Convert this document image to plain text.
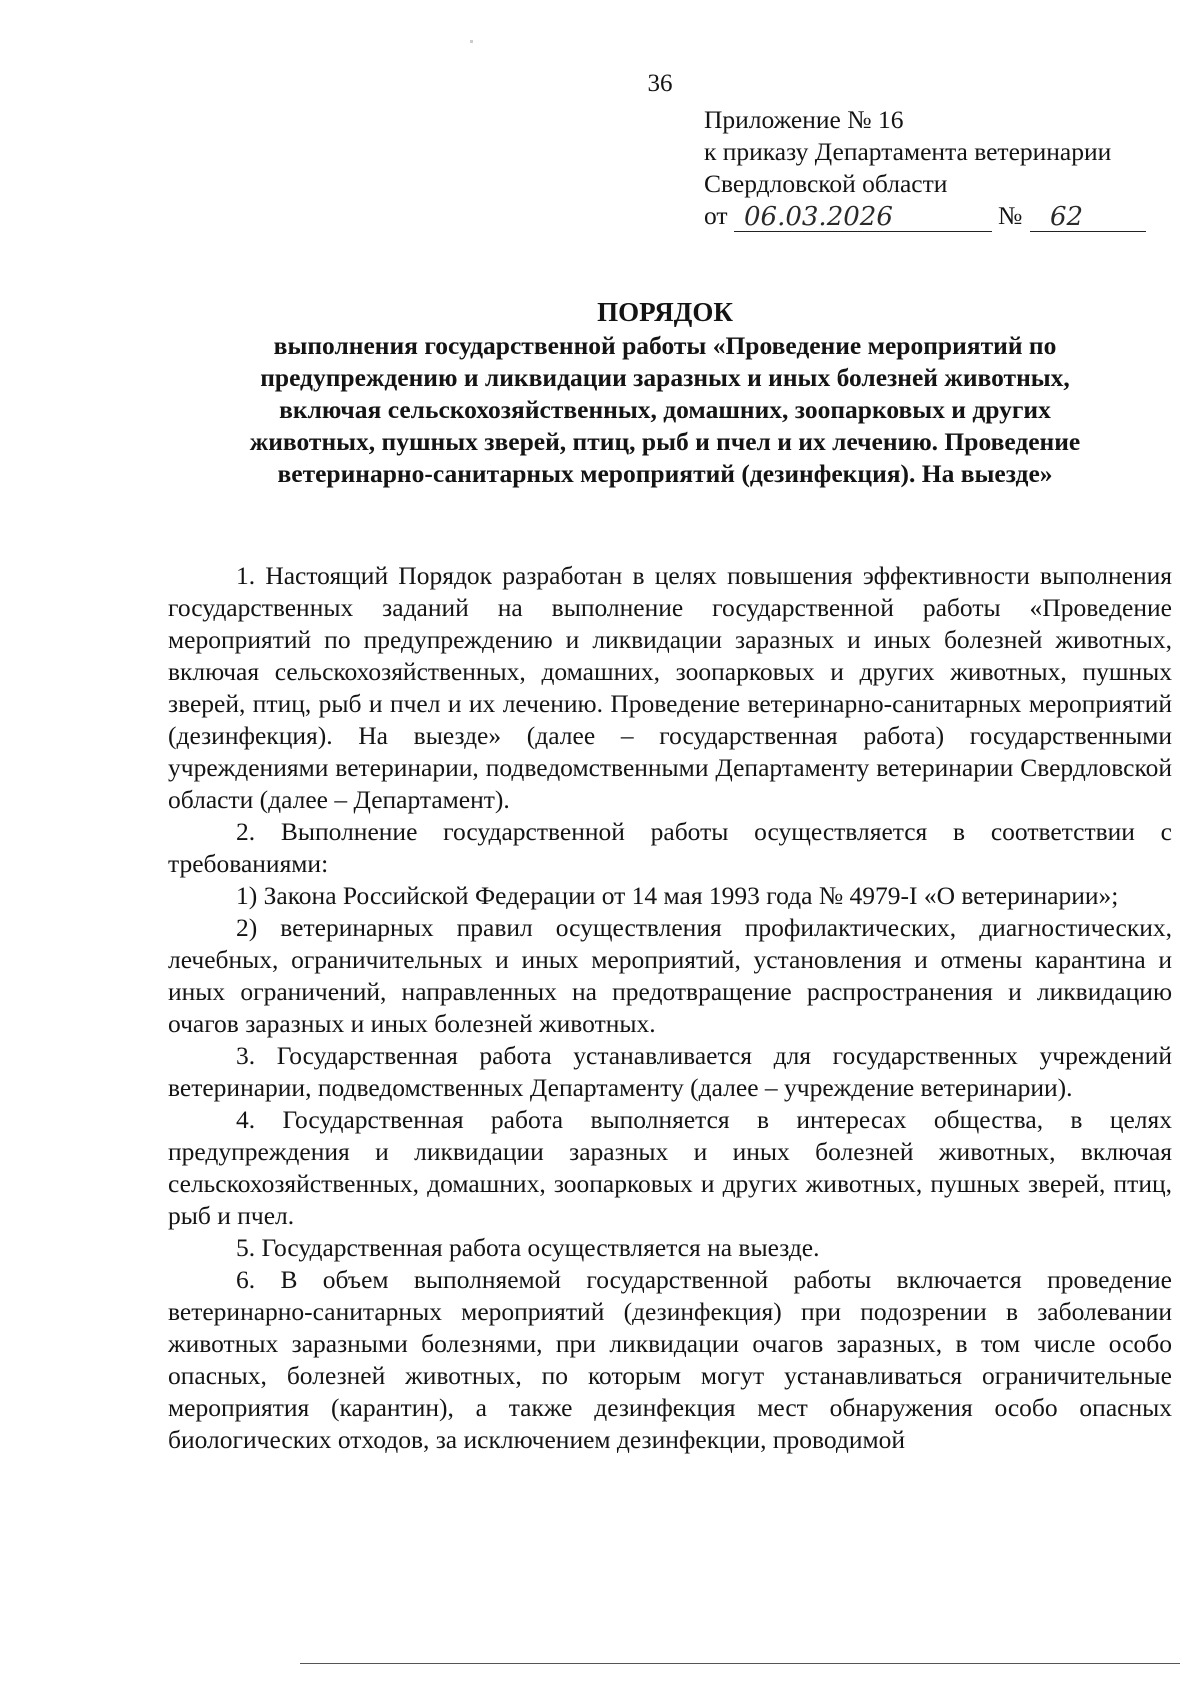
36
Приложение № 16
к приказу Департамента ветеринарии
Свердловской области
от 06.03.2026	№ 62
ПОРЯДОК
выполнения государственной работы «Проведение мероприятий по
предупреждению и ликвидации заразных и иных болезней животных,
включая сельскохозяйственных, домашних, зоопарковых и других
животных, пушных зверей, птиц, рыб и пчел и их лечению. Проведение
ветеринарно-санитарных мероприятий (дезинфекция). На выезде»

1. Настоящий Порядок разработан в целях повышения эффективности выполнения государственных заданий на выполнение государственной работы «Проведение мероприятий по предупреждению и ликвидации заразных и иных болезней животных, включая сельскохозяйственных, домашних, зоопарковых и других животных, пушных зверей, птиц, рыб и пчел и их лечению. Проведение ветеринарно-санитарных мероприятий (дезинфекция). На выезде» (далее – государственная работа) государственными учреждениями ветеринарии, подведомственными Департаменту ветеринарии Свердловской области (далее – Департамент).

2. Выполнение государственной работы осуществляется в соответствии с требованиями:

1) Закона Российской Федерации от 14 мая 1993 года № 4979-I «О ветеринарии»;

2) ветеринарных правил осуществления профилактических, диагностических, лечебных, ограничительных и иных мероприятий, установления и отмены карантина и иных ограничений, направленных на предотвращение распространения и ликвидацию очагов заразных и иных болезней животных.

3. Государственная работа устанавливается для государственных учреждений ветеринарии, подведомственных Департаменту (далее – учреждение ветеринарии).

4. Государственная работа выполняется в интересах общества, в целях предупреждения и ликвидации заразных и иных болезней животных, включая сельскохозяйственных, домашних, зоопарковых и других животных, пушных зверей, птиц, рыб и пчел.

5. Государственная работа осуществляется на выезде.

6. В объем выполняемой государственной работы включается проведение ветеринарно-санитарных мероприятий (дезинфекция) при подозрении в заболевании животных заразными болезнями, при ликвидации очагов заразных, в том числе особо опасных, болезней животных, по которым могут устанавливаться ограничительные мероприятия (карантин), а также дезинфекция мест обнаружения особо опасных биологических отходов, за исключением дезинфекции, проводимой
